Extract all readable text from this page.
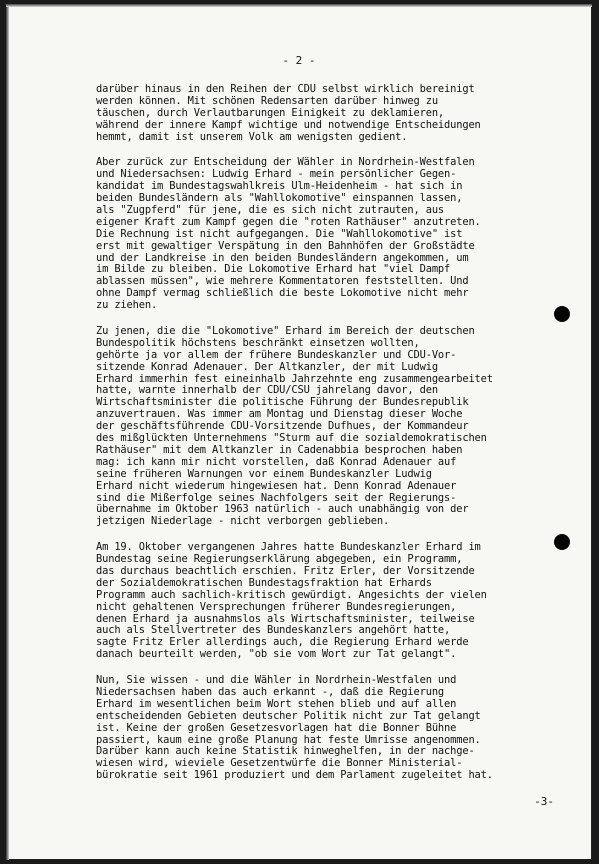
- 2 -
darüber hinaus in den Reihen der CDU selbst wirklich bereinigt
werden können. Mit schönen Redensarten darüber hinweg zu
täuschen, durch Verlautbarungen Einigkeit zu deklamieren,
während der innere Kampf wichtige und notwendige Entscheidungen
hemmt, damit ist unserem Volk am wenigsten gedient.
Aber zurück zur Entscheidung der Wähler in Nordrhein-Westfalen
und Niedersachsen: Ludwig Erhard - mein persönlicher Gegen-
kandidat im Bundestagswahlkreis Ulm-Heidenheim - hat sich in
beiden Bundesländern als "Wahllokomotive" einspannen lassen,
als "Zugpferd" für jene, die es sich nicht zutrauten, aus
eigener Kraft zum Kampf gegen die "roten Rathäuser" anzutreten.
Die Rechnung ist nicht aufgegangen. Die "Wahllokomotive" ist
erst mit gewaltiger Verspätung in den Bahnhöfen der Großstädte
und der Landkreise in den beiden Bundesländern angekommen, um
im Bilde zu bleiben. Die Lokomotive Erhard hat "viel Dampf
ablassen müssen", wie mehrere Kommentatoren feststellten. Und
ohne Dampf vermag schließlich die beste Lokomotive nicht mehr
zu ziehen.
Zu jenen, die die "Lokomotive" Erhard im Bereich der deutschen
Bundespolitik höchstens beschränkt einsetzen wollten,
gehörte ja vor allem der frühere Bundeskanzler und CDU-Vor-
sitzende Konrad Adenauer. Der Altkanzler, der mit Ludwig
Erhard immerhin fest eineinhalb Jahrzehnte eng zusammengearbeitet
hatte, warnte innerhalb der CDU/CSU jahrelang davor, den
Wirtschaftsminister die politische Führung der Bundesrepublik
anzuvertrauen. Was immer am Montag und Dienstag dieser Woche
der geschäftsführende CDU-Vorsitzende Dufhues, der Kommandeur
des mißglückten Unternehmens "Sturm auf die sozialdemokratischen
Rathäuser" mit dem Altkanzler in Cadenabbia besprochen haben
mag: ich kann mir nicht vorstellen, daß Konrad Adenauer auf
seine früheren Warnungen vor einem Bundeskanzler Ludwig
Erhard nicht wiederum hingewiesen hat. Denn Konrad Adenauer
sind die Mißerfolge seines Nachfolgers seit der Regierungs-
übernahme im Oktober 1963 natürlich - auch unabhängig von der
jetzigen Niederlage - nicht verborgen geblieben.
Am 19. Oktober vergangenen Jahres hatte Bundeskanzler Erhard im
Bundestag seine Regierungserklärung abgegeben, ein Programm,
das durchaus beachtlich erschien. Fritz Erler, der Vorsitzende
der Sozialdemokratischen Bundestagsfraktion hat Erhards
Programm auch sachlich-kritisch gewürdigt. Angesichts der vielen
nicht gehaltenen Versprechungen früherer Bundesregierungen,
denen Erhard ja ausnahmslos als Wirtschaftsminister, teilweise
auch als Stellvertreter des Bundeskanzlers angehört hatte,
sagte Fritz Erler allerdings auch, die Regierung Erhard werde
danach beurteilt werden, "ob sie vom Wort zur Tat gelangt".
Nun, Sie wissen - und die Wähler in Nordrhein-Westfalen und
Niedersachsen haben das auch erkannt -, daß die Regierung
Erhard im wesentlichen beim Wort stehen blieb und auf allen
entscheidenden Gebieten deutscher Politik nicht zur Tat gelangt
ist. Keine der großen Gesetzesvorlagen hat die Bonner Bühne
passiert, kaum eine große Planung hat feste Umrisse angenommen.
Darüber kann auch keine Statistik hinweghelfen, in der nachge-
wiesen wird, wieviele Gesetzentwürfe die Bonner Ministerial-
bürokratie seit 1961 produziert und dem Parlament zugeleitet hat.
-3-
